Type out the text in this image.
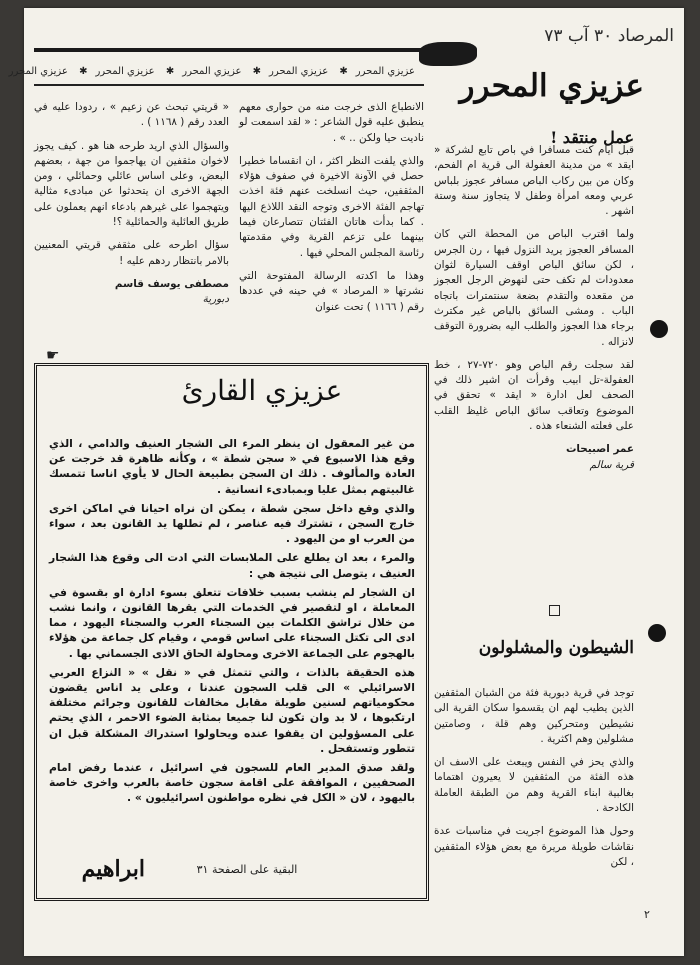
المرصاد ٣٠ آب ٧٣
عزيزي المحرر✱ عزيزي المحرر✱ عزيزي المحرر✱ عزيزي المحرر✱ عزيزي المحرر	عزيزي المحرر
عمل منتقد !

قبل ايام كنت مسافرا في باص تابع لشركة « ايقد » من مدينة العفولة الى قرية ام الفحم، وكان من بين ركاب الباص مسافر عجوز بلباس عربي ومعه امرأة وطفل لا يتجاوز سنة وستة اشهر .

ولما اقترب الباص من المحطة التي كان المسافر العجوز يريد النزول فيها ، رن الجرس ، لكن سائق الباص اوقف السيارة لثوان معدودات لم تكف حتى لنهوض الرجل العجوز من مقعده والتقدم بضعة سنتمترات باتجاه الباب . ومشى السائق بالباص غير مكترث برجاء هذا العجوز والطلب اليه بضرورة التوقف لانزاله .

لقد سجلت رقم الباص وهو ٧٢٠-٢٧ ، خط العفولة-تل ابيب وقرأت ان اشير ذلك في الصحف لعل ادارة « ايقد » تحقق في الموضوع وتعاقب سائق الباص غليظ القلب على فعلته الشنعاء هذه .

عمر اصبيحات
قرية سالم

الانطباع الذى خرجت منه من حوارى معهم ينطبق عليه قول الشاعر : « لقد اسمعت لو ناديت حيا ولكن .. » .

والذي يلفت النظر اكثر ، ان انقساما خطيرا حصل في الآونة الاخيرة في صفوف هؤلاء المثقفين، حيث انسلخت عنهم فئة اخذت تهاجم الفئة الاخرى وتوجه النقد اللاذع اليها . كما بدأت هاتان الفئتان تتصارعان فيما بينهما على تزعم القرية وفي مقدمتها رئاسة المجلس المحلي فيها .

وهذا ما اكدته الرسالة المفتوحة التي نشرتها « المرصاد » في حينه في عددها رقم ( ١١٦٦ ) تحت عنوان

« قريتي تبحث عن زعيم » ، ردودا عليه في العدد رقم ( ١١٦٨ ) .

والسؤال الذي اريد طرحه هنا هو . كيف يجوز لاخوان مثقفين ان يهاجموا من جهة ، بعضهم البعض، وعلى اساس عائلي وحمائلي ، ومن الجهة الاخرى ان يتحدثوا عن مبادىء مثالية ويتهجموا على غيرهم بادعاء انهم يعملون على طريق العائلية والحمائلية ؟!

سؤال اطرحه على مثقفي قريتي المعنيين بالامر بانتظار ردهم عليه !

مصطفى يوسف قاسم
دبورية
☛
عزيزي القارئ

من غير المعقول ان ينظر المرء الى الشجار العنيف والدامي ، الذي وقع هذا الاسبوع في « سجن شطة » ، وكأنه ظاهرة قد خرجت عن العادة والمألوف . ذلك ان السجن بطبيعة الحال لا يأوي اناسا تتمسك غالبيتهم بمثل عليا وبمبادىء انسانية .

والذي وقع داخل سجن شطة ، يمكن ان نراه احيانا في اماكن اخرى خارج السجن ، تشترك فيه عناصر ، لم تطلها يد القانون بعد ، سواء من العرب او من اليهود .

والمرء ، بعد ان يطلع على الملابسات التي ادت الى وقوع هذا الشجار العنيف ، يتوصل الى نتيجة هي :

ان الشجار لم ينشب بسبب خلافات تتعلق بسوء ادارة او بقسوة في المعاملة ، او لتقصير في الخدمات التي يقرها القانون ، وانما نشب من خلال تراشق الكلمات بين السجناء العرب والسجناء اليهود ، مما ادى الى تكتل السجناء على اساس قومي ، وقيام كل جماعة من هؤلاء بالهجوم على الجماعة الاخرى ومحاولة الحاق الاذى الجسماني بها .

هذه الحقيقة بالذات ، والتي تتمثل في « نقل » « النزاع العربي الاسرائيلي » الى قلب السجون عندنا ، وعلى يد اناس يقضون محكومياتهم لسنين طويلة مقابل مخالفات للقانون وجرائم مختلفة ارتكبوها ، لا بد وان تكون لنا جميعا بمثابة الضوء الاحمر ، الذي يحتم على المسؤولين ان يقفوا عنده ويحاولوا استدراك المشكلة قبل ان تتطور وتستفحل .

ولقد صدق المدير العام للسجون في اسرائيل ، عندما رفض امام الصحفيين ، الموافقة على اقامة سجون خاصة بالعرب واخرى خاصة باليهود ، لان « الكل في نظره مواطنون اسرائيليون » .

ابراهيم	البقية على الصفحة ٣١
الشيطون والمشلولون

توجد في قرية دبورية فئة من الشبان المثقفين الذين يطيب لهم ان يقسموا سكان القرية الى نشيطين ومتحركين وهم قلة ، وصامتين مشلولين وهم اكثرية .

والذي يحز في النفس ويبعث على الاسف ان هذه الفئة من المثقفين لا يعيرون اهتماما بغالبية ابناء القرية وهم من الطبقة العاملة الكادحة .

وحول هذا الموضوع اجريت في مناسبات عدة نقاشات طويلة مريرة مع بعض هؤلاء المثقفين ، لكن

٢
